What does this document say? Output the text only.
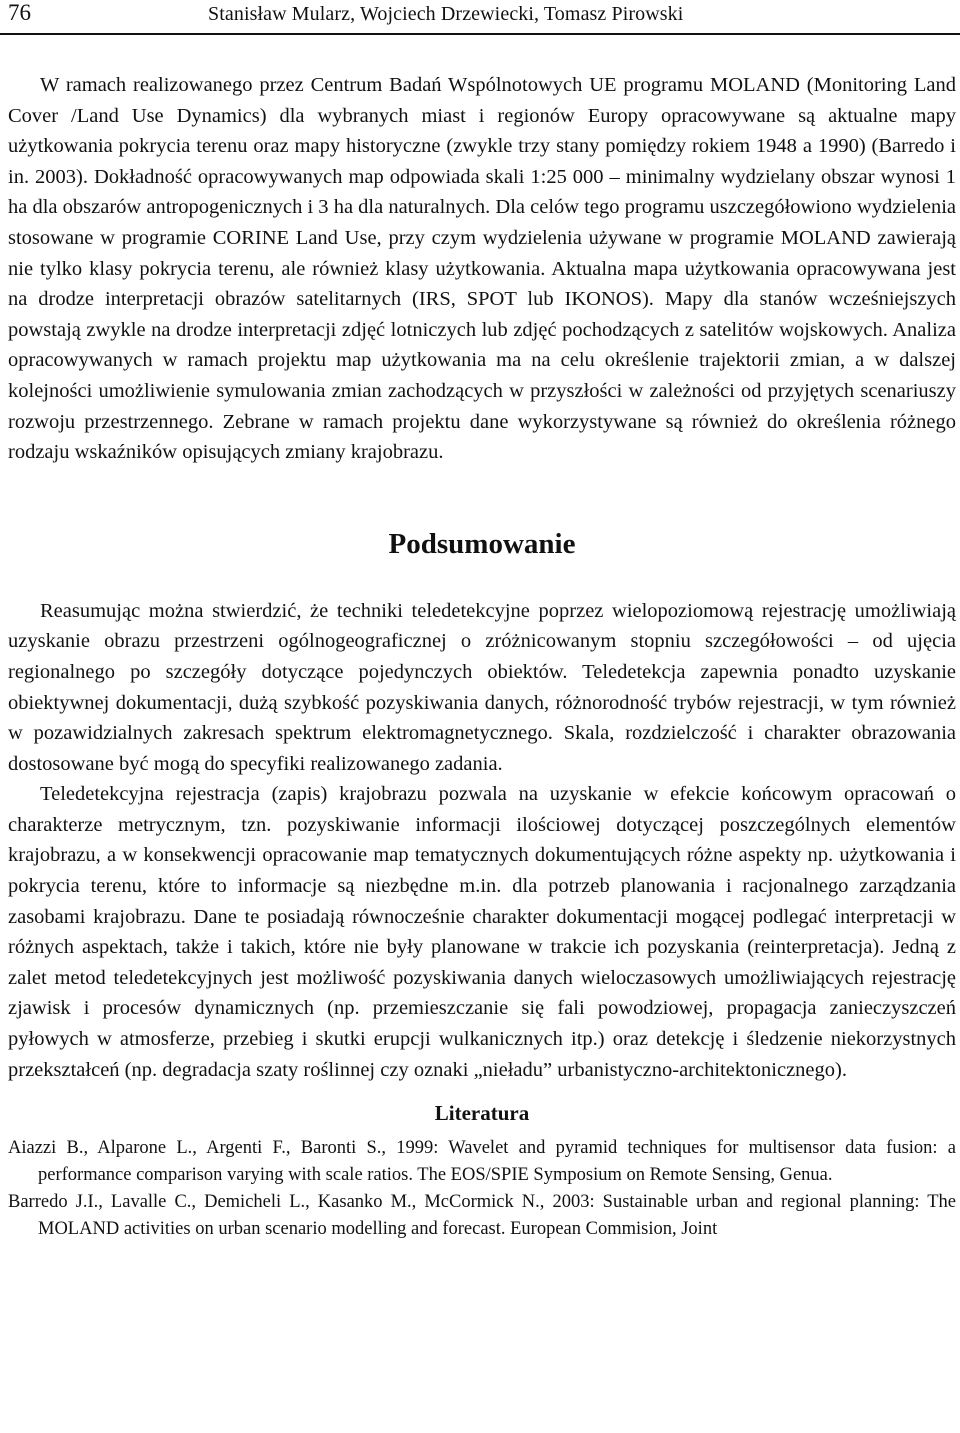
76	Stanisław Mularz, Wojciech Drzewiecki, Tomasz Pirowski

W ramach realizowanego przez Centrum Badań Wspólnotowych UE programu MOLAND (Monitoring Land Cover /Land Use Dynamics) dla wybranych miast i regionów Europy opracowywane są aktualne mapy użytkowania pokrycia terenu oraz mapy historyczne (zwykle trzy stany pomiędzy rokiem 1948 a 1990) (Barredo i in. 2003). Dokładność opracowywanych map odpowiada skali 1:25 000 – minimalny wydzielany obszar wynosi 1 ha dla obszarów antropogenicznych i 3 ha dla naturalnych. Dla celów tego programu uszczegółowiono wydzielenia stosowane w programie CORINE Land Use, przy czym wydzielenia używane w programie MOLAND zawierają nie tylko klasy pokrycia terenu, ale również klasy użytkowania. Aktualna mapa użytkowania opracowywana jest na drodze interpretacji obrazów satelitarnych (IRS, SPOT lub IKONOS). Mapy dla stanów wcześniejszych powstają zwykle na drodze interpretacji zdjęć lotniczych lub zdjęć pochodzących z satelitów wojskowych. Analiza opracowywanych w ramach projektu map użytkowania ma na celu określenie trajektorii zmian, a w dalszej kolejności umożliwienie symulowania zmian zachodzących w przyszłości w zależności od przyjętych scenariuszy rozwoju przestrzennego. Zebrane w ramach projektu dane wykorzystywane są również do określenia różnego rodzaju wskaźników opisujących zmiany krajobrazu.

Podsumowanie

Reasumując można stwierdzić, że techniki teledetekcyjne poprzez wielopoziomową rejestrację umożliwiają uzyskanie obrazu przestrzeni ogólnogeograficznej o zróżnicowanym stopniu szczegółowości – od ujęcia regionalnego po szczegóły dotyczące pojedynczych obiektów. Teledetekcja zapewnia ponadto uzyskanie obiektywnej dokumentacji, dużą szybkość pozyskiwania danych, różnorodność trybów rejestracji, w tym również w pozawidzialnych zakresach spektrum elektromagnetycznego. Skala, rozdzielczość i charakter obrazowania dostosowane być mogą do specyfiki realizowanego zadania.

Teledetekcyjna rejestracja (zapis) krajobrazu pozwala na uzyskanie w efekcie końcowym opracowań o charakterze metrycznym, tzn. pozyskiwanie informacji ilościowej dotyczącej poszczególnych elementów krajobrazu, a w konsekwencji opracowanie map tematycznych dokumentujących różne aspekty np. użytkowania i pokrycia terenu, które to informacje są niezbędne m.in. dla potrzeb planowania i racjonalnego zarządzania zasobami krajobrazu. Dane te posiadają równocześnie charakter dokumentacji mogącej podlegać interpretacji w różnych aspektach, także i takich, które nie były planowane w trakcie ich pozyskania (reinterpretacja). Jedną z zalet metod teledetekcyjnych jest możliwość pozyskiwania danych wieloczasowych umożliwiających rejestrację zjawisk i procesów dynamicznych (np. przemieszczanie się fali powodziowej, propagacja zanieczyszczeń pyłowych w atmosferze, przebieg i skutki erupcji wulkanicznych itp.) oraz detekcję i śledzenie niekorzystnych przekształceń (np. degradacja szaty roślinnej czy oznaki „nieładu” urbanistyczno-architektonicznego).

Literatura

Aiazzi B., Alparone L., Argenti F., Baronti S., 1999: Wavelet and pyramid techniques for multisensor data fusion: a performance comparison varying with scale ratios. The EOS/SPIE Symposium on Remote Sensing, Genua.

Barredo J.I., Lavalle C., Demicheli L., Kasanko M., McCormick N., 2003: Sustainable urban and regional planning: The MOLAND activities on urban scenario modelling and forecast. European Commision, Joint
